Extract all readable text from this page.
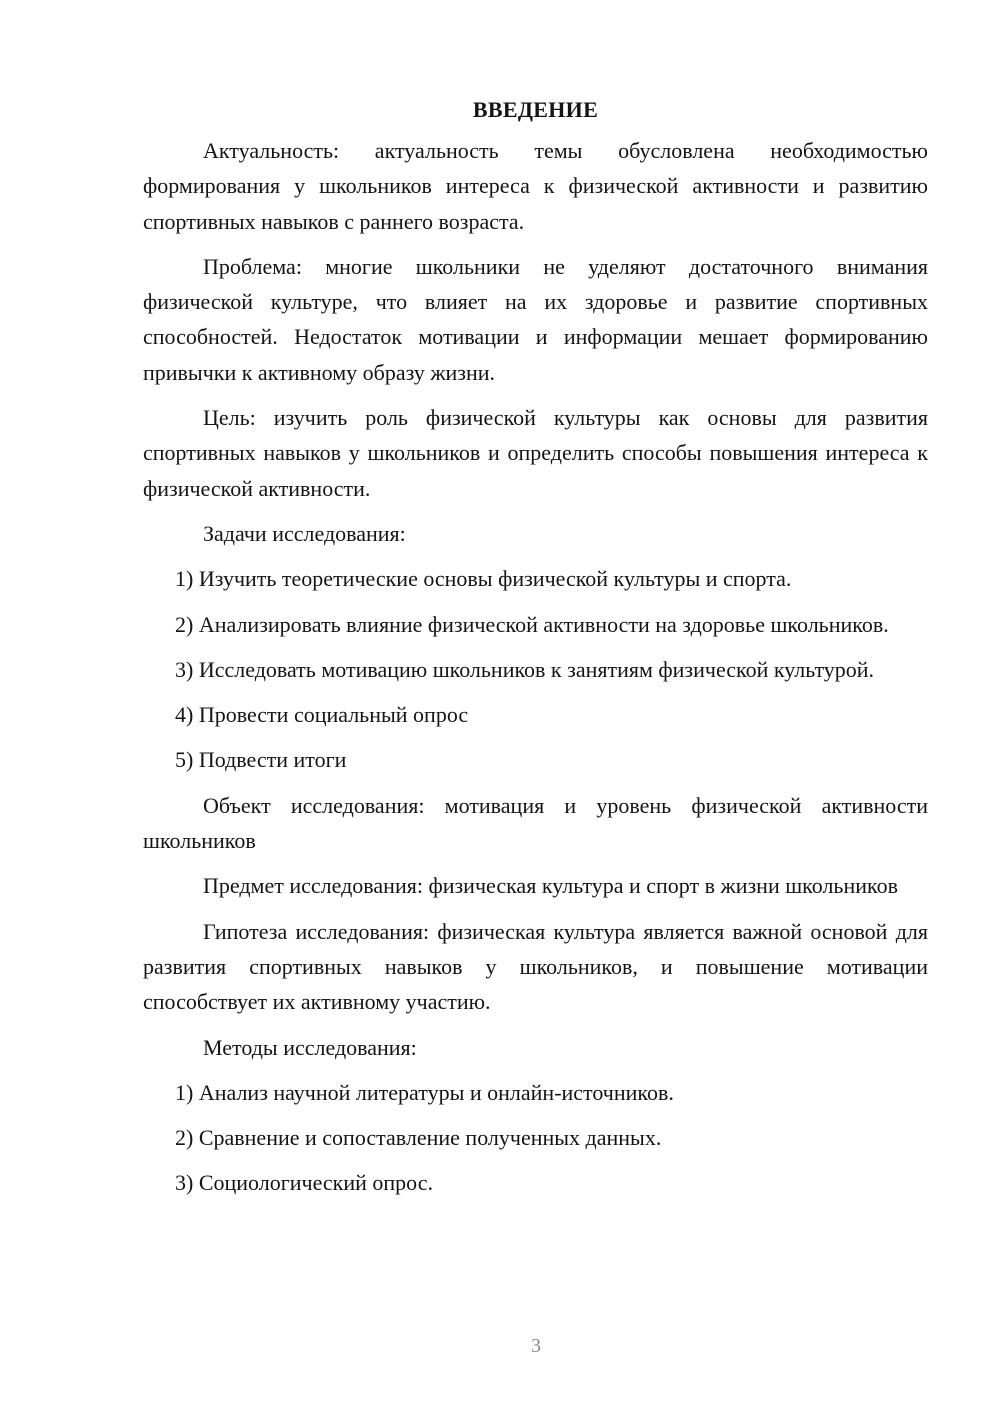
ВВЕДЕНИЕ

Актуальность: актуальность темы обусловлена необходимостью формирования у школьников интереса к физической активности и развитию спортивных навыков с раннего возраста.

Проблема: многие школьники не уделяют достаточного внимания физической культуре, что влияет на их здоровье и развитие спортивных способностей. Недостаток мотивации и информации мешает формированию привычки к активному образу жизни.

Цель: изучить роль физической культуры как основы для развития спортивных навыков у школьников и определить способы повышения интереса к физической активности.

Задачи исследования:

1) Изучить теоретические основы физической культуры и спорта.

2) Анализировать влияние физической активности на здоровье школьников.

3) Исследовать мотивацию школьников к занятиям физической культурой.

4) Провести социальный опрос

5) Подвести итоги

Объект исследования: мотивация и уровень физической активности школьников

Предмет исследования: физическая культура и спорт в жизни школьников

Гипотеза исследования: физическая культура является важной основой для развития спортивных навыков у школьников, и повышение мотивации способствует их активному участию.

Методы исследования:

1) Анализ научной литературы и онлайн-источников.

2) Сравнение и сопоставление полученных данных.

3) Социологический опрос.

3
